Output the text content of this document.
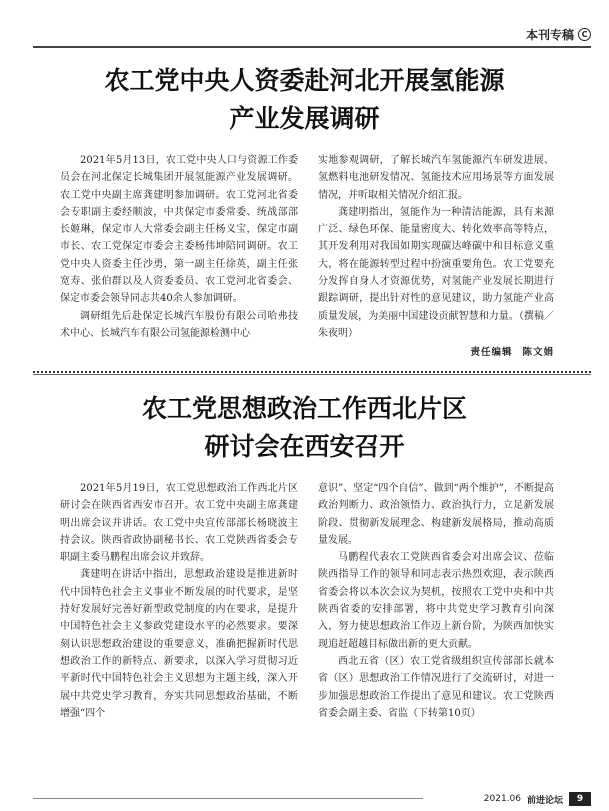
本刊专稿 C
农工党中央人资委赴河北开展氢能源
产业发展调研

2021年5月13日，农工党中央人口与资源工作委员会在河北保定长城集团开展氢能源产业发展调研。农工党中央副主席龚建明参加调研。农工党河北省委会专职副主委经顺波，中共保定市委常委、统战部部长姬琳，保定市人大常委会副主任杨义宝，保定市副市长、农工党保定市委会主委杨伟坤陪同调研。农工党中央人资委主任沙勇，第一副主任徐英，副主任张宽寿、张伯群以及人资委委员、农工党河北省委会、保定市委会领导同志共40余人参加调研。

调研组先后赴保定长城汽车股份有限公司哈弗技术中心、长城汽车有限公司氢能源检测中心

实地参观调研，了解长城汽车氢能源汽车研发进展、氢燃料电池研发情况、氢能技术应用场景等方面发展情况，并听取相关情况介绍汇报。

龚建明指出，氢能作为一种清洁能源，具有来源广泛、绿色环保、能量密度大、转化效率高等特点，其开发利用对我国如期实现碳达峰碳中和目标意义重大，将在能源转型过程中扮演重要角色。农工党要充分发挥自身人才资源优势，对氢能产业发展长期进行跟踪调研，提出针对性的意见建议，助力氢能产业高质量发展，为美丽中国建设贡献智慧和力量。（撰稿／朱夜明）

责任编辑 陈文娟
农工党思想政治工作西北片区
研讨会在西安召开

2021年5月19日，农工党思想政治工作西北片区研讨会在陕西省西安市召开。农工党中央副主席龚建明出席会议并讲话。农工党中央宣传部部长杨晓波主持会议。陕西省政协副秘书长、农工党陕西省委会专职副主委马鹏程出席会议并致辞。

龚建明在讲话中指出，思想政治建设是推进新时代中国特色社会主义事业不断发展的时代要求，是坚持好发展好完善好新型政党制度的内在要求，是提升中国特色社会主义参政党建设水平的必然要求。要深刻认识思想政治建设的重要意义，准确把握新时代思想政治工作的新特点、新要求，以深入学习贯彻习近平新时代中国特色社会主义思想为主题主线，深入开展中共党史学习教育，夯实共同思想政治基础，不断增强“四个

意识”、坚定“四个自信”、做到“两个维护”，不断提高政治判断力、政治领悟力、政治执行力，立足新发展阶段、贯彻新发展理念、构建新发展格局，推动高质量发展。

马鹏程代表农工党陕西省委会对出席会议、莅临陕西指导工作的领导和同志表示热烈欢迎，表示陕西省委会将以本次会议为契机，按照农工党中央和中共陕西省委的安排部署，将中共党史学习教育引向深入，努力使思想政治工作迈上新台阶，为陕西加快实现追赶超越目标做出新的更大贡献。

西北五省（区）农工党省级组织宣传部部长就本省（区）思想政治工作情况进行了交流研讨，对进一步加强思想政治工作提出了意见和建议。农工党陕西省委会副主委、省监（下转第10页）

2021.06 前进论坛	9
